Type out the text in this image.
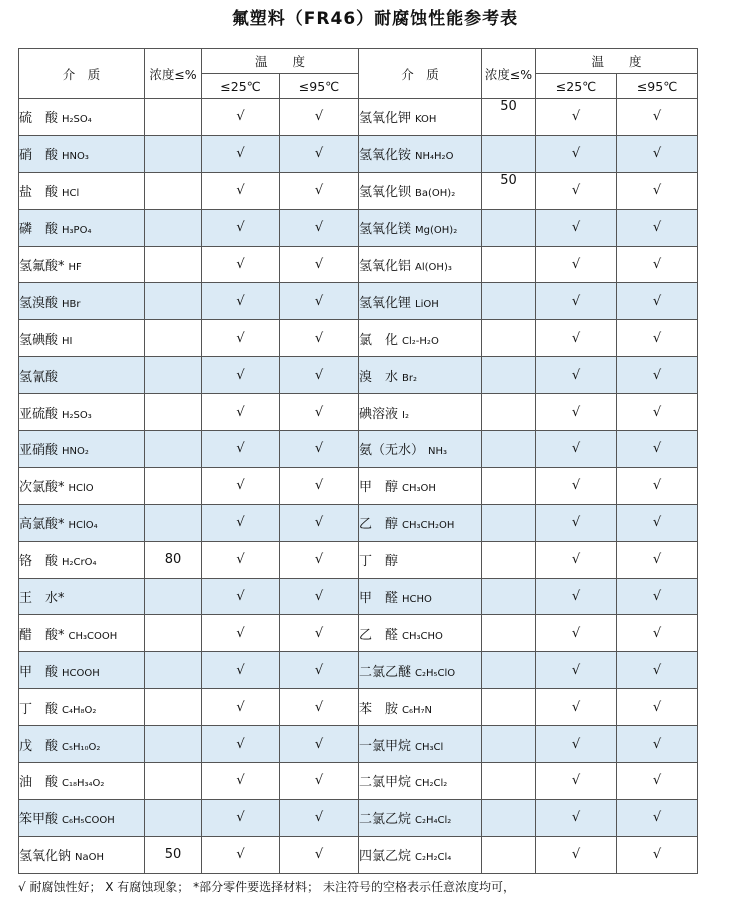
氟塑料（FR46）耐腐蚀性能参考表
介　质	浓度≤%	温　　度		介　质	浓度≤%	温　　度	
		≤25℃	≤95℃			≤25℃	≤95℃
硫　酸 H₂SO₄		√	√	氢氧化钾 KOH	50	√	√
硝　酸 HNO₃		√	√	氢氧化铵 NH₄H₂O		√	√
盐　酸 HCl		√	√	氢氧化钡 Ba(OH)₂	50	√	√
磷　酸 H₃PO₄		√	√	氢氧化镁 Mg(OH)₂		√	√
氢氟酸* HF		√	√	氢氧化铝 Al(OH)₃		√	√
氢溴酸 HBr		√	√	氢氧化锂 LiOH		√	√
氢碘酸 HI		√	√	氯　化 Cl₂-H₂O		√	√
氢氰酸		√	√	溴　水 Br₂		√	√
亚硫酸 H₂SO₃		√	√	碘溶液 I₂		√	√
亚硝酸 HNO₂		√	√	氨（无水） NH₃		√	√
次氯酸* HClO		√	√	甲　醇 CH₃OH		√	√
高氯酸* HClO₄		√	√	乙　醇 CH₃CH₂OH		√	√
铬　酸 H₂CrO₄	80	√	√	丁　醇		√	√
王　水*		√	√	甲　醛 HCHO		√	√
醋　酸* CH₃COOH		√	√	乙　醛 CH₃CHO		√	√
甲　酸 HCOOH		√	√	二氯乙醚 C₂H₅ClO		√	√
丁　酸 C₄H₈O₂		√	√	苯　胺 C₆H₇N		√	√
戊　酸 C₅H₁₀O₂		√	√	一氯甲烷 CH₃Cl		√	√
油　酸 C₁₈H₃₄O₂		√	√	二氯甲烷 CH₂Cl₂		√	√
笨甲酸 C₆H₅COOH		√	√	二氯乙烷 C₂H₄Cl₂		√	√
氢氧化钠 NaOH	50	√	√	四氯乙烷 C₂H₂Cl₄		√	√
√ 耐腐蚀性好； X 有腐蚀现象； *部分零件要选择材料； 未注符号的空格表示任意浓度均可，
